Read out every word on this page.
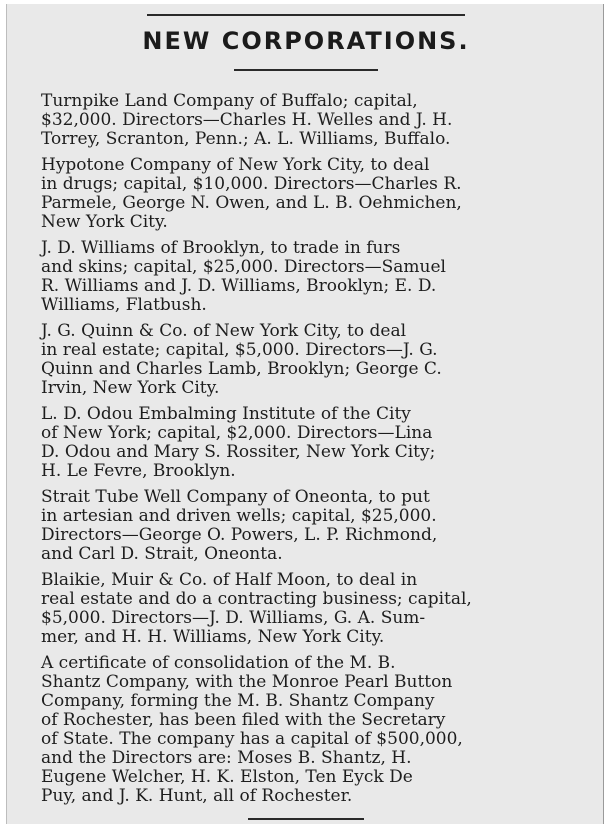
NEW CORPORATIONS.

Turnpike Land Company of Buffalo; capital,
$32,000. Directors—Charles H. Welles and J. H.
Torrey, Scranton, Penn.; A. L. Williams, Buffalo.

Hypotone Company of New York City, to deal
in drugs; capital, $10,000. Directors—Charles R.
Parmele, George N. Owen, and L. B. Oehmichen,
New York City.

J. D. Williams of Brooklyn, to trade in furs
and skins; capital, $25,000. Directors—Samuel
R. Williams and J. D. Williams, Brooklyn; E. D.
Williams, Flatbush.

J. G. Quinn & Co. of New York City, to deal
in real estate; capital, $5,000. Directors—J. G.
Quinn and Charles Lamb, Brooklyn; George C.
Irvin, New York City.

L. D. Odou Embalming Institute of the City
of New York; capital, $2,000. Directors—Lina
D. Odou and Mary S. Rossiter, New York City;
H. Le Fevre, Brooklyn.

Strait Tube Well Company of Oneonta, to put
in artesian and driven wells; capital, $25,000.
Directors—George O. Powers, L. P. Richmond,
and Carl D. Strait, Oneonta.

Blaikie, Muir & Co. of Half Moon, to deal in
real estate and do a contracting business; capital,
$5,000. Directors—J. D. Williams, G. A. Sum-
mer, and H. H. Williams, New York City.

A certificate of consolidation of the M. B.
Shantz Company, with the Monroe Pearl Button
Company, forming the M. B. Shantz Company
of Rochester, has been filed with the Secretary
of State. The company has a capital of $500,000,
and the Directors are: Moses B. Shantz, H.
Eugene Welcher, H. K. Elston, Ten Eyck De
Puy, and J. K. Hunt, all of Rochester.
